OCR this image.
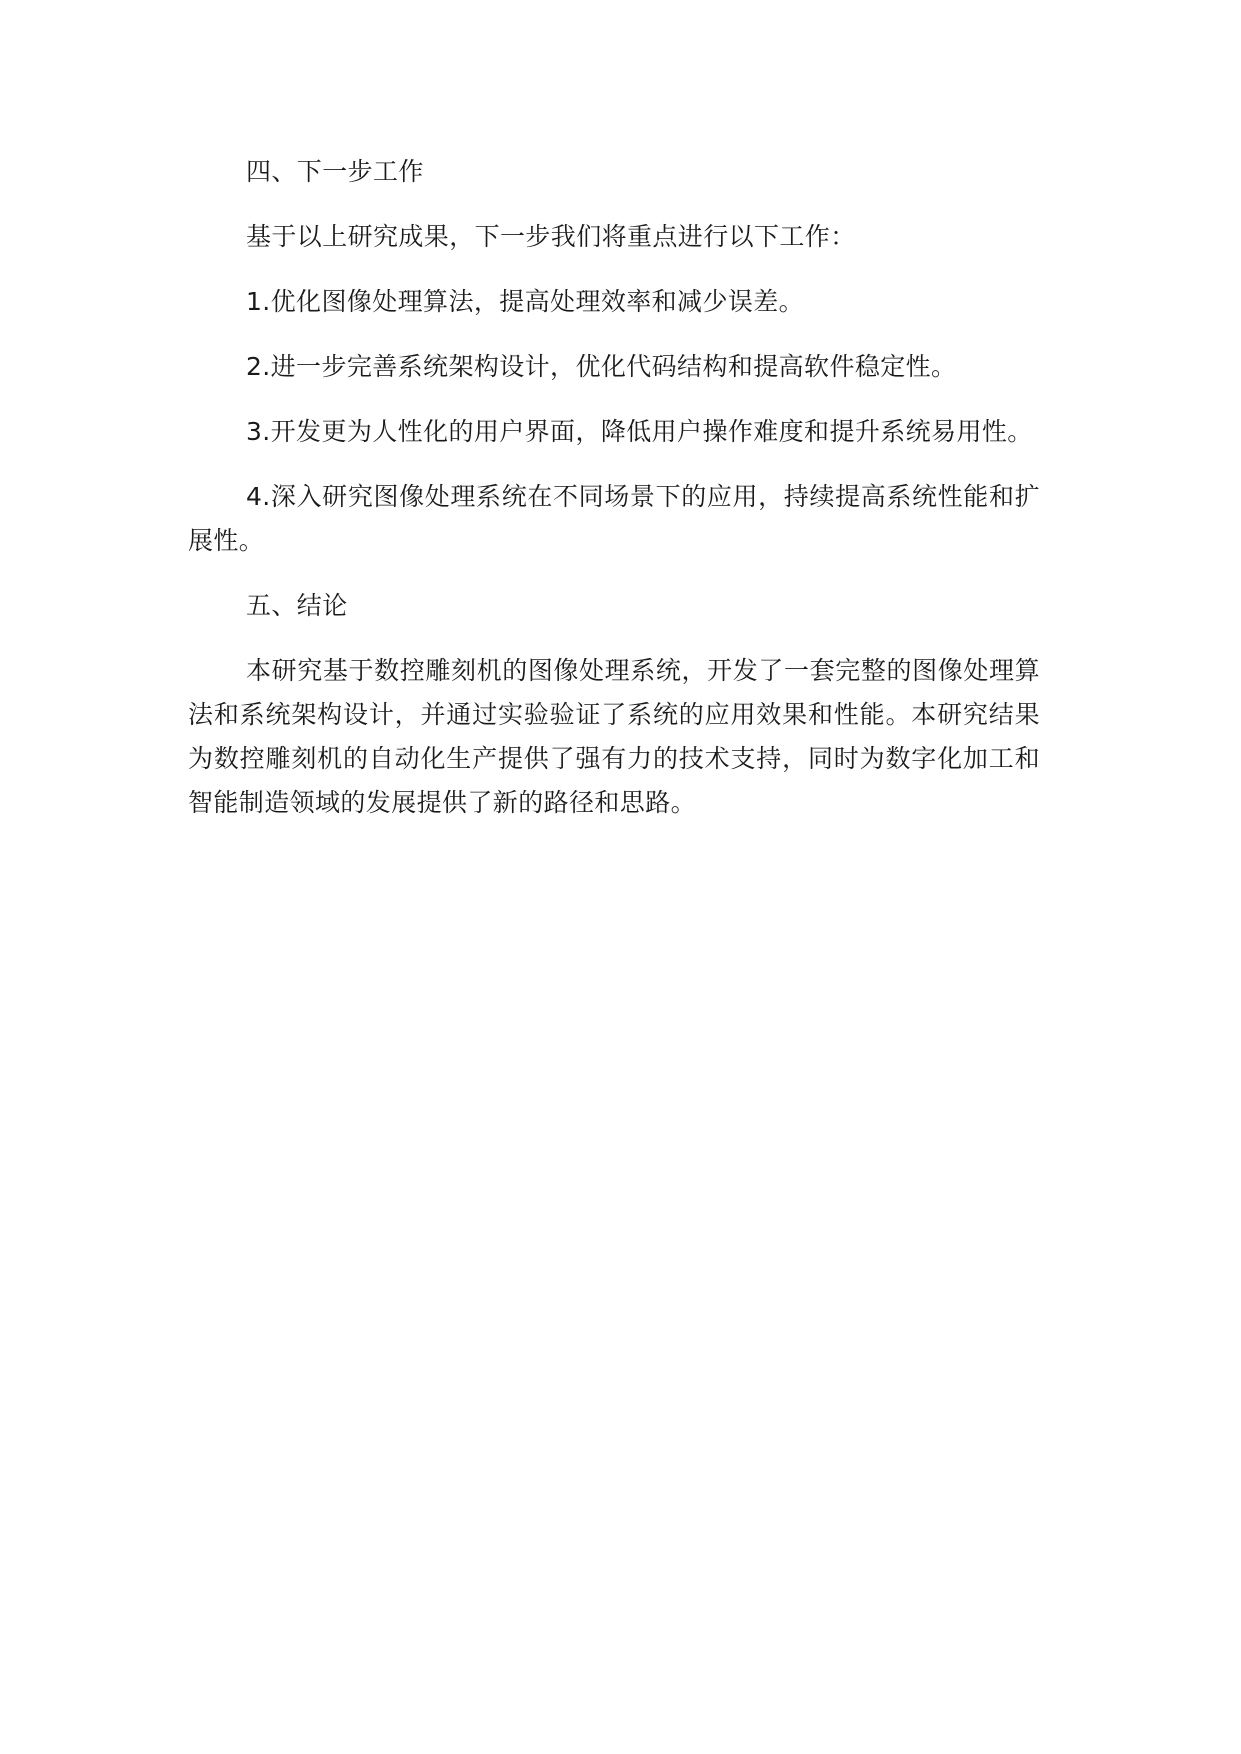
四、下一步工作

基于以上研究成果，下一步我们将重点进行以下工作：

1.优化图像处理算法，提高处理效率和减少误差。

2.进一步完善系统架构设计，优化代码结构和提高软件稳定性。

3.开发更为人性化的用户界面，降低用户操作难度和提升系统易用性。

4.深入研究图像处理系统在不同场景下的应用，持续提高系统性能和扩展性。

五、结论

本研究基于数控雕刻机的图像处理系统，开发了一套完整的图像处理算法和系统架构设计，并通过实验验证了系统的应用效果和性能。本研究结果为数控雕刻机的自动化生产提供了强有力的技术支持，同时为数字化加工和智能制造领域的发展提供了新的路径和思路。
